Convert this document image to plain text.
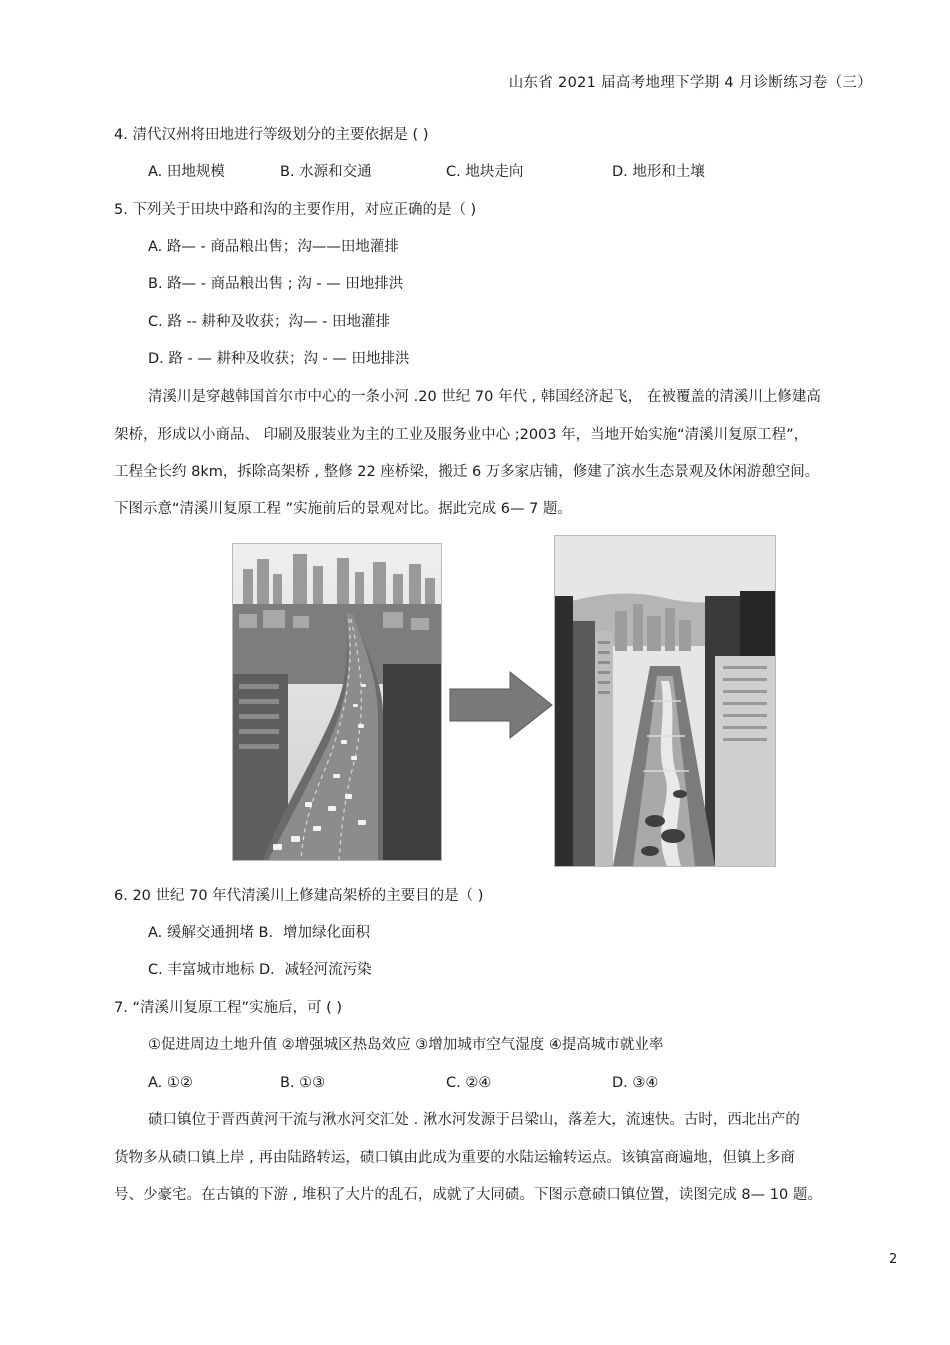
山东省 2021 届高考地理下学期 4 月诊断练习卷（三）
4. 清代汉州将田地进行等级划分的主要依据是 ( )
A. 田地规模	B. 水源和交通	C. 地块走向	D. 地形和土壤
5. 下列关于田块中路和沟的主要作用，对应正确的是（ )
A. 路— - 商品粮出售；沟——田地灌排
B. 路— - 商品粮出售 ; 沟 - — 田地排洪
C. 路 -- 耕种及收获；沟— - 田地灌排
D. 路 - — 耕种及收获；沟 - — 田地排洪
清溪川是穿越韩国首尔市中心的一条小河 .20 世纪 70 年代 , 韩国经济起飞， 在被覆盖的清溪川上修建高
架桥，形成以小商品、 印刷及服装业为主的工业及服务业中心 ;2003 年，当地开始实施“清溪川复原工程”，
工程全长约 8km，拆除高架桥 , 整修 22 座桥梁，搬迁 6 万多家店铺，修建了滨水生态景观及休闲游憩空间。
下图示意“清溪川复原工程 ”实施前后的景观对比。据此完成 6— 7 题。
6. 20 世纪 70 年代清溪川上修建高架桥的主要目的是（ )
A. 缓解交通拥堵 B．增加绿化面积
C. 丰富城市地标 D．减轻河流污染
7. “清溪川复原工程”实施后，可 ( )
①促进周边土地升值 ②增强城区热岛效应 ③增加城市空气湿度 ④提高城市就业率
A. ①②	B. ①③	C. ②④	D. ③④
碛口镇位于晋西黄河干流与湫水河交汇处 . 湫水河发源于吕梁山，落差大，流速快。古时，西北出产的
货物多从碛口镇上岸 , 再由陆路转运，碛口镇由此成为重要的水陆运输转运点。该镇富商遍地，但镇上多商
号、少豪宅。在古镇的下游 , 堆积了大片的乱石，成就了大同碛。下图示意碛口镇位置，读图完成 8— 10 题。
2
